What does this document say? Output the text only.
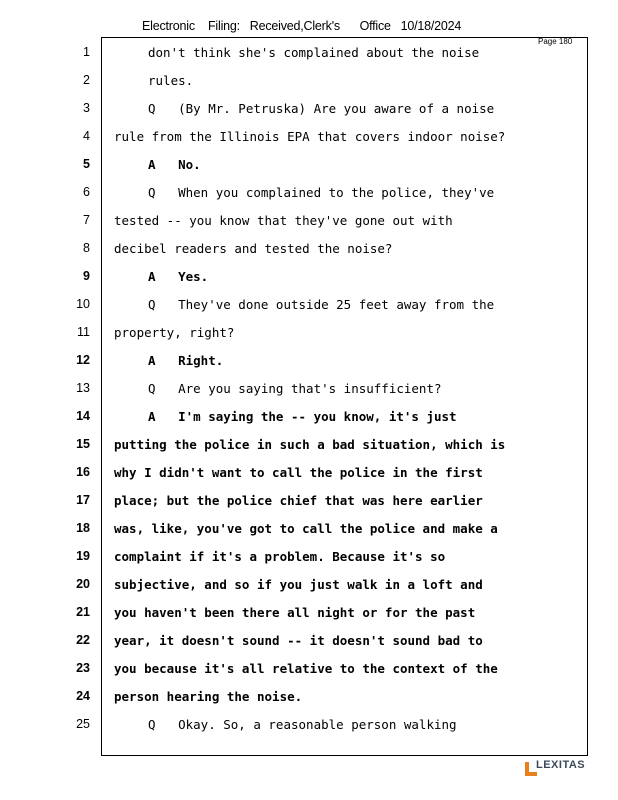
Electronic    Filing:   Received,Clerk's      Office   10/18/2024
Page 180
1	don't think she's complained about the noise
2	rules.
3	Q   (By Mr. Petruska) Are you aware of a noise
4 rule from the Illinois EPA that covers indoor noise?
5	A   No.
6	Q   When you complained to the police, they've
7 tested -- you know that they've gone out with
8 decibel readers and tested the noise?
9	A   Yes.
10	Q   They've done outside 25 feet away from the
11 property, right?
12	A   Right.
13	Q   Are you saying that's insufficient?
14	A   I'm saying the -- you know, it's just
15 putting the police in such a bad situation, which is
16 why I didn't want to call the police in the first
17 place; but the police chief that was here earlier
18 was, like, you've got to call the police and make a
19 complaint if it's a problem. Because it's so
20 subjective, and so if you just walk in a loft and
21 you haven't been there all night or for the past
22 year, it doesn't sound -- it doesn't sound bad to
23 you because it's all relative to the context of the
24 person hearing the noise.
25	Q   Okay. So, a reasonable person walking
LEXITAS
